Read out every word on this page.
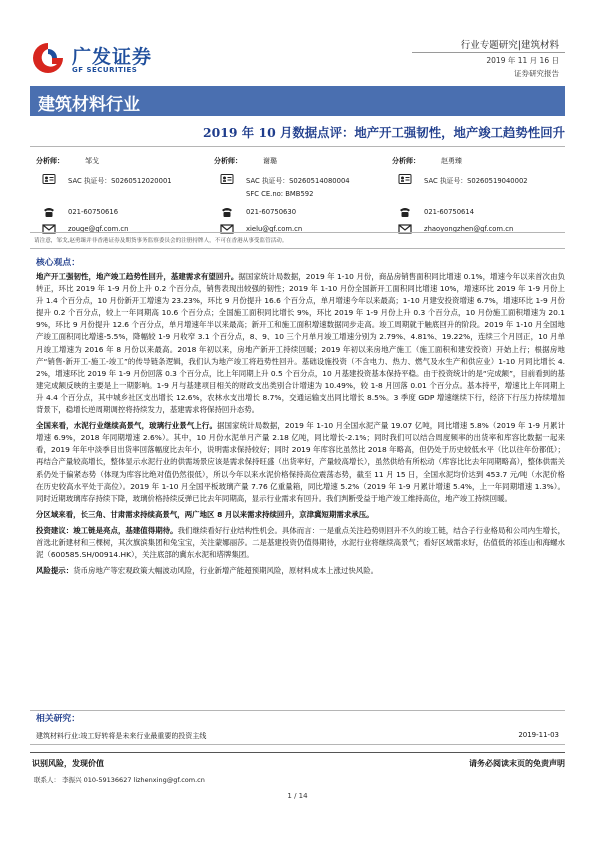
广发证券
GF SECURITIES
行业专题研究|建筑材料
2019 年 11 月 16 日
证券研究报告
建筑材料行业
2019 年 10 月数据点评：地产开工强韧性，地产竣工趋势性回升
分析师：	邹戈
SAC 执证号：S0260512020001
021-60750616
zouge@gf.com.cn
分析师：	谢璐
SAC 执证号：S0260514080004
SFC CE.no: BMB592
021-60750630
xielu@gf.com.cn
分析师：	赵勇臻
SAC 执证号：S0260519040002
021-60750614
zhaoyongzhen@gf.com.cn
请注意，邹戈,赵勇臻并非香港证券及期货事务监察委员会的注册持牌人，不可在香港从事受监管活动。
核心观点：

地产开工强韧性，地产竣工趋势性回升，基建需求有望回升。据国家统计局数据，2019 年 1-10 月份，商品房销售面积同比增速 0.1%，增速今年以来首次由负转正，环比 2019 年 1-9 月份上升 0.2 个百分点，销售表现出较强的韧性；2019 年 1-10 月份全国新开工面积同比增速 10%，增速环比 2019 年 1-9 月份上升 1.4 个百分点，10 月份新开工增速为 23.23%，环比 9 月份提升 16.6 个百分点，单月增速今年以来最高；1-10 月建安投资增速 6.7%，增速环比 1-9 月份提升 0.2 个百分点，较上一年同期高 10.6 个百分点；全国施工面积同比增长 9%，环比 2019 年 1-9 月份上升 0.3 个百分点，10 月份施工面积增速为 20.19%，环比 9 月份提升 12.6 个百分点，单月增速年半以来最高；新开工和施工面积增速数据同步走高。竣工周期就于触底回升的阶段。2019 年 1-10 月全国地产竣工面积同比增速-5.5%，降幅较 1-9 月收窄 3.1 个百分点，8、9、10 三个月单月竣工增速分别为 2.79%、4.81%、19.22%，连续三个月回正，10 月单月竣工增速为 2016 年 8 月份以来最高。2018 年初以来，房地产新开工持续回暖；2019 年初以来房地产施工（施工面积和建安投资）开始上行；根据房地产“销售-新开工-施工-竣工”的传导链条逻辑，我们认为地产竣工将趋势性回升。基础设施投资（不含电力、热力、燃气及水生产和供应业）1-10 月同比增长 4.2%，增速环比 2019 年 1-9 月份回落 0.3 个百分点，比上年同期上升 0.5 个百分点，10 月基建投资基本保持平稳。由于投资统计的是“完成额”，目前看到的基建完成额反映的主要是上一期影响。1-9 月与基建项目相关的财政支出类别合计增速为 10.49%，较 1-8 月回落 0.01 个百分点。基本持平，增速比上年同期上升 4.4 个百分点，其中城乡社区支出增长 12.6%，农林水支出增长 8.7%，交通运输支出同比增长 8.5%。3 季度 GDP 增速继续下行，经济下行压力持续增加背景下，稳增长逆周期调控将持续发力，基建需求将保持回升态势。

全国来看，水泥行业继续高景气，玻璃行业景气上行。据国家统计局数据，2019 年 1-10 月全国水泥产量 19.07 亿吨，同比增速 5.8%（2019 年 1-9 月累计增速 6.9%，2018 年同期增速 2.6%）。其中，10 月份水泥单月产量 2.18 亿吨，同比增长-2.1%；同时我们可以结合周度频率的出货率和库容比数据一起来看，2019 年年中淡季目出货率回落幅度比去年小，说明需求保持较好；同时 2019 年库容比虽然比 2018 年略高，但仍处于历史较低水平（比以往年份都低）；再结合产量较高增长，整体显示水泥行业的供需场景应该是需求保持旺盛（出货率好，产量较高增长），虽然供给有所松动（库容比比去年同期略高），整体供需关系仍处于偏紧态势（体现为库容比绝对值仍然很低），所以今年以来水泥价格保持高位震荡态势，截至 11 月 15 日，全国水泥均价达到 453.7 元/吨（水泥价格在历史较高水平处于高位）。2019 年 1-10 月全国平板玻璃产量 7.76 亿重量箱，同比增速 5.2%（2019 年 1-9 月累计增速 5.4%，上一年同期增速 1.3%）。同时近期玻璃库存持续下降，玻璃价格持续反弹已比去年同期高，显示行业需求有回升。我们判断受益于地产竣工维持高位，地产竣工持续回暖。

分区域来看，长三角、甘肃需求持续高景气，两广地区 8 月以来需求持续回升，京津冀短期需求承压。

投资建议：竣工链是亮点，基建值得期待。我们继续看好行业结构性机会。具体而言：一是重点关注趋势则回升不久的竣工链，结合子行业格局和公司内生增长，首选北新建材和三棵树，其次旗滨集团和兔宝宝，关注蒙娜丽莎。二是基建投资仍值得期待，水泥行业将继续高景气；看好区域需求好，估值低的祁连山和海螺水泥（600585.SH/00914.HK），关注底部的冀东水泥和塔牌集团。

风险提示：货币房地产等宏观政策大幅波动风险，行业新增产能超预期风险，原材料成本上涨过快风险。

相关研究：
建筑材料行业:竣工好转将是未来行业最重要的投资主线	2019-11-03
识别风险，发现价值	请务必阅读末页的免责声明
联系人： 李振兴 010-59136627 lizhenxing@gf.com.cn
1 / 14
